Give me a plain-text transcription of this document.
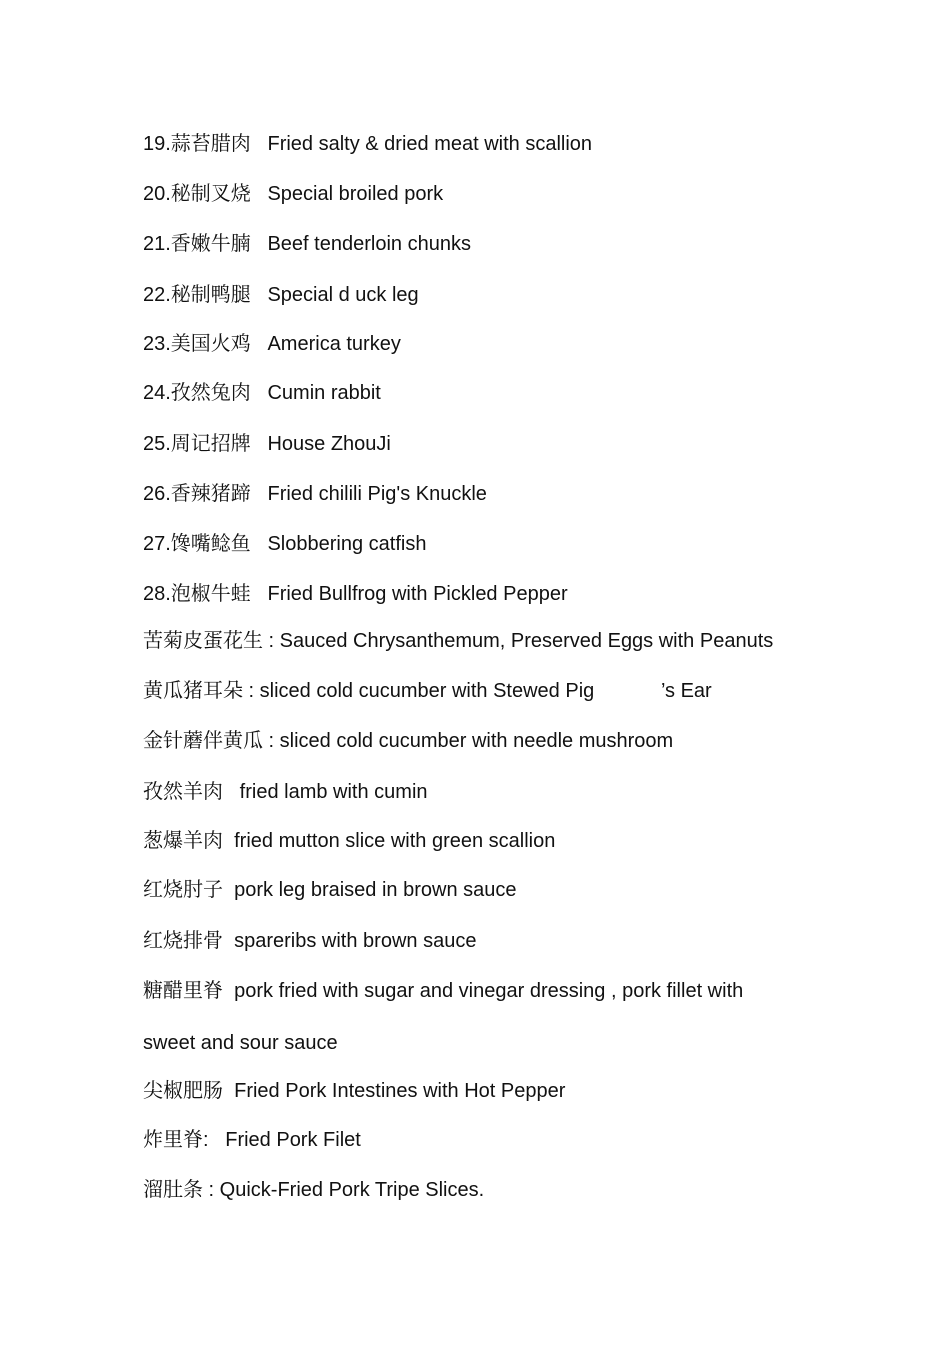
19.蒜苔腊肉   Fried salty & dried meat with scallion
20.秘制叉烧   Special broiled pork
21.香嫩牛腩   Beef tenderloin chunks
22.秘制鸭腿   Special d uck leg
23.美国火鸡   America turkey
24.孜然兔肉   Cumin rabbit
25.周记招牌   House ZhouJi
26.香辣猪蹄   Fried chilili Pig's Knuckle
27.馋嘴鲶鱼   Slobbering catfish
28.泡椒牛蛙   Fried Bullfrog with Pickled Pepper
苦菊皮蛋花生 : Sauced Chrysanthemum, Preserved Eggs with Peanuts
黄瓜猪耳朵 : sliced cold cucumber with Stewed Pig            ’s Ear
金针蘑伴黄瓜 : sliced cold cucumber with needle mushroom
孜然羊肉   fried lamb with cumin
葱爆羊肉  fried mutton slice with green scallion
红烧肘子  pork leg braised in brown sauce
红烧排骨  spareribs with brown sauce
糖醋里脊  pork fried with sugar and vinegar dressing , pork fillet with
sweet and sour sauce
尖椒肥肠  Fried Pork Intestines with Hot Pepper
炸里脊:   Fried Pork Filet
溜肚条 : Quick-Fried Pork Tripe Slices.
